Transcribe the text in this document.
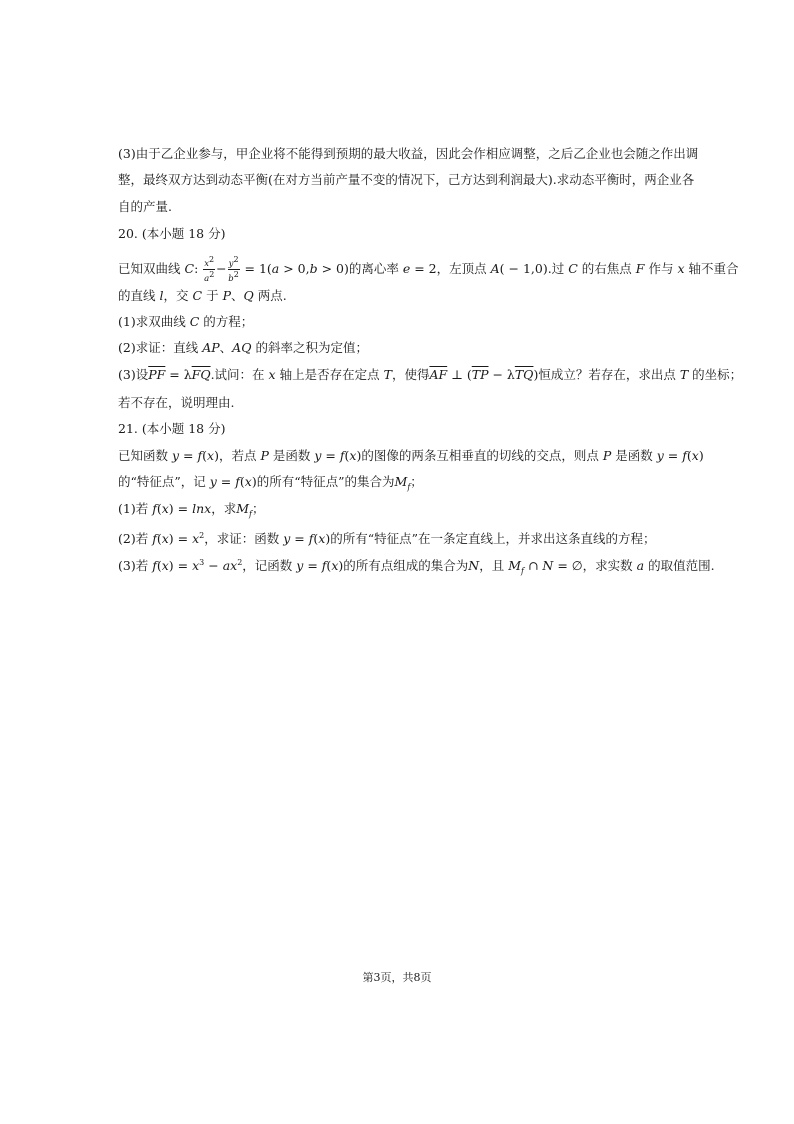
(3)由于乙企业参与，甲企业将不能得到预期的最大收益，因此会作相应调整，之后乙企业也会随之作出调
整，最终双方达到动态平衡(在对方当前产量不变的情况下，己方达到利润最大).求动态平衡时，两企业各
自的产量.
20. (本小题 18 分)
已知双曲线 C: $\frac{x^2}{a^2} - \frac{y^2}{b^2} = 1(a > 0,b > 0)$的离心率 e = 2，左顶点 A( − 1,0).过 C 的右焦点 F 作与 x 轴不重合
的直线 l，交 C 于 P、Q 两点.
(1)求双曲线 C 的方程；
(2)求证：直线 AP、AQ 的斜率之积为定值；
(3)设$\overline{PF} = \lambda\overline{FQ}$.试问：在 x 轴上是否存在定点 T，使得$\overline{AF}$ ⊥ $(\overline{TP} - \lambda\overline{TQ})$恒成立？若存在，求出点 T 的坐标；
若不存在，说明理由.
21. (本小题 18 分)
已知函数 y = f(x)，若点 P 是函数 y = f(x)的图像的两条互相垂直的切线的交点，则点 P 是函数 y = f(x)
的“特征点”，记 y = f(x)的所有“特征点”的集合为$M_f$；
(1)若 f(x) = lnx，求$M_f$；
(2)若 $f(x) = x^2$，求证：函数 y = f(x)的所有“特征点”在一条定直线上，并求出这条直线的方程；
(3)若 $f(x) = x^3 - ax^2$，记函数 y = f(x)的所有点组成的集合为N，且 $M_f$ ∩ N = ∅，求实数 a 的取值范围.
第3页，共8页
